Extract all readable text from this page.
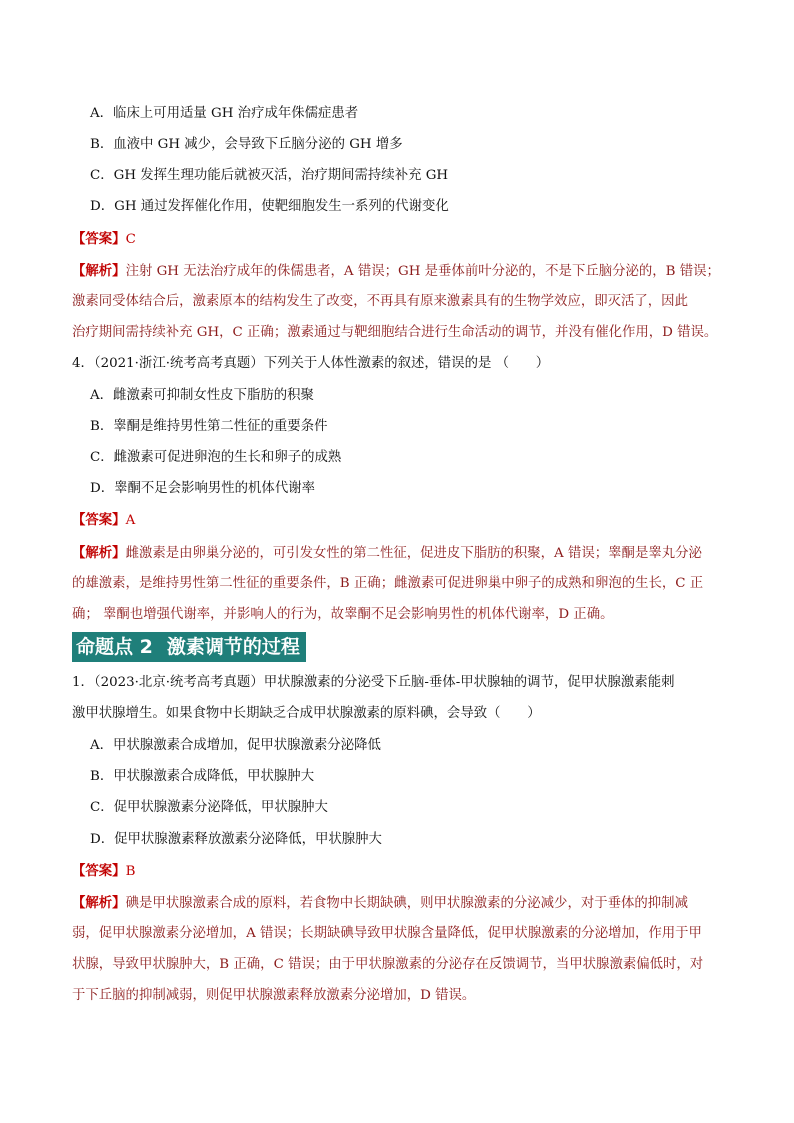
A．临床上可用适量 GH 治疗成年侏儒症患者
B．血液中 GH 减少，会导致下丘脑分泌的 GH 增多
C．GH 发挥生理功能后就被灭活，治疗期间需持续补充 GH
D．GH 通过发挥催化作用，使靶细胞发生一系列的代谢变化
【答案】C
【解析】注射 GH 无法治疗成年的侏儒患者，A 错误；GH 是垂体前叶分泌的，不是下丘脑分泌的，B 错误；
激素同受体结合后，激素原本的结构发生了改变，不再具有原来激素具有的生物学效应，即灭活了，因此
治疗期间需持续补充 GH，C 正确；激素通过与靶细胞结合进行生命活动的调节，并没有催化作用，D 错误。
4．（2021·浙江·统考高考真题）下列关于人体性激素的叙述，错误的是 （　　）
A．雌激素可抑制女性皮下脂肪的积聚
B．睾酮是维持男性第二性征的重要条件
C．雌激素可促进卵泡的生长和卵子的成熟
D．睾酮不足会影响男性的机体代谢率
【答案】A
【解析】雌激素是由卵巢分泌的，可引发女性的第二性征，促进皮下脂肪的积聚，A 错误；睾酮是睾丸分泌
的雄激素，是维持男性第二性征的重要条件，B 正确；雌激素可促进卵巢中卵子的成熟和卵泡的生长，C 正
确； 睾酮也增强代谢率，并影响人的行为，故睾酮不足会影响男性的机体代谢率，D 正确。
命题点 2 激素调节的过程
1．（2023·北京·统考高考真题）甲状腺激素的分泌受下丘脑-垂体-甲状腺轴的调节，促甲状腺激素能刺
激甲状腺增生。如果食物中长期缺乏合成甲状腺激素的原料碘，会导致（　　）
A．甲状腺激素合成增加，促甲状腺激素分泌降低
B．甲状腺激素合成降低，甲状腺肿大
C．促甲状腺激素分泌降低，甲状腺肿大
D．促甲状腺激素释放激素分泌降低，甲状腺肿大
【答案】B
【解析】碘是甲状腺激素合成的原料，若食物中长期缺碘，则甲状腺激素的分泌减少，对于垂体的抑制减
弱，促甲状腺激素分泌增加，A 错误；长期缺碘导致甲状腺含量降低，促甲状腺激素的分泌增加，作用于甲
状腺，导致甲状腺肿大，B 正确，C 错误；由于甲状腺激素的分泌存在反馈调节，当甲状腺激素偏低时，对
于下丘脑的抑制减弱，则促甲状腺激素释放激素分泌增加，D 错误。
